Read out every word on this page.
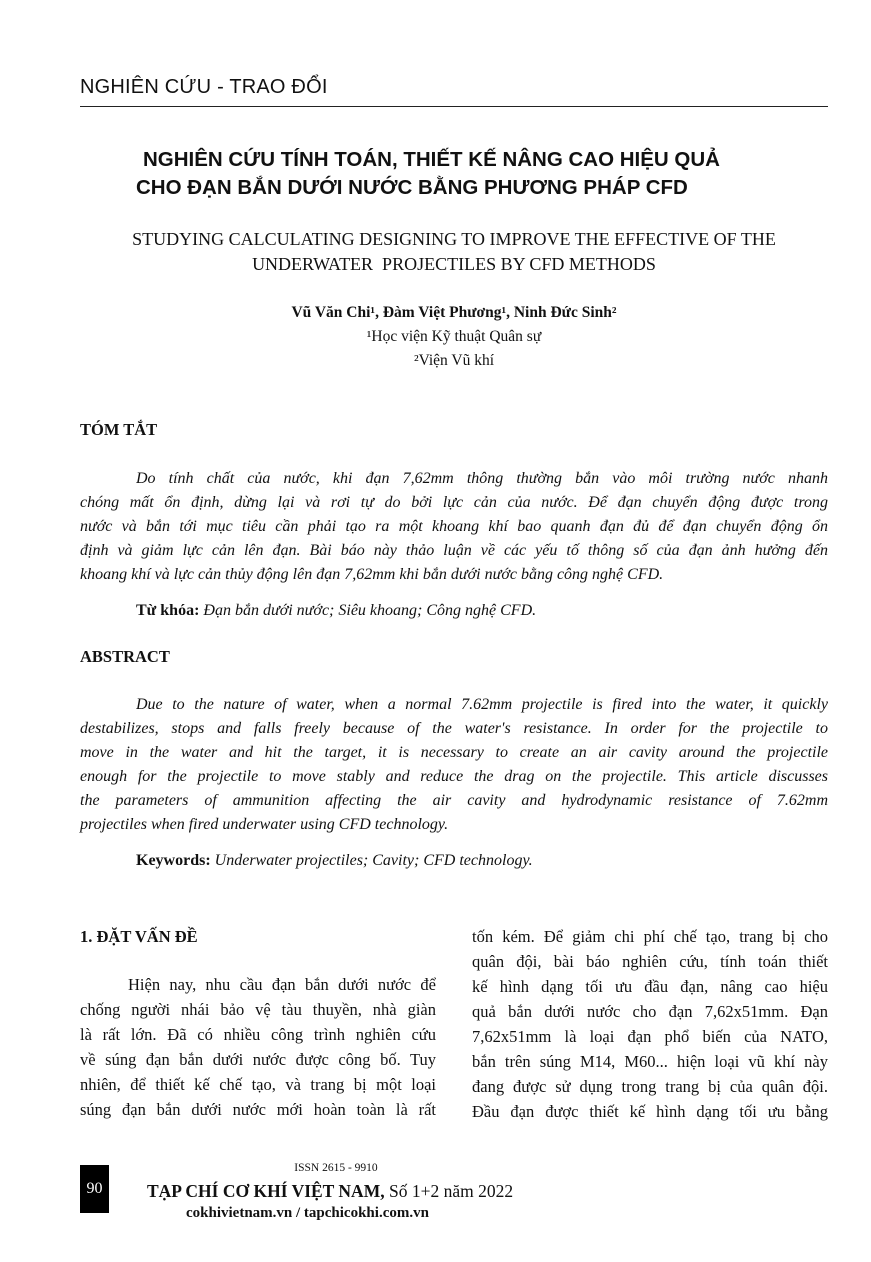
NGHIÊN CỨU - TRAO ĐỔI
NGHIÊN CỨU TÍNH TOÁN, THIẾT KẾ NÂNG CAO HIỆU QUẢ
CHO ĐẠN BẮN DƯỚI NƯỚC BẰNG PHƯƠNG PHÁP CFD
STUDYING CALCULATING DESIGNING TO IMPROVE THE EFFECTIVE OF THE
UNDERWATER  PROJECTILES BY CFD METHODS
Vũ Văn Chi¹, Đàm Việt Phương¹, Ninh Đức Sinh²
¹Học viện Kỹ thuật Quân sự
²Viện Vũ khí
TÓM TẮT
Do tính chất của nước, khi đạn 7,62mm thông thường bắn vào môi trường nước nhanh
chóng mất ổn định, dừng lại và rơi tự do bởi lực cản của nước. Để đạn chuyển động được trong
nước và bắn tới mục tiêu cần phải tạo ra một khoang khí bao quanh đạn đủ để đạn chuyển động ổn
định và giảm lực cản lên đạn. Bài báo này thảo luận về các yếu tố thông số của đạn ảnh hưởng đến
khoang khí và lực cản thủy động lên đạn 7,62mm khi bắn dưới nước bằng công nghệ CFD.
Từ khóa: Đạn bắn dưới nước; Siêu khoang; Công nghệ CFD.
ABSTRACT
Due to the nature of water, when a normal 7.62mm projectile is fired into the water, it quickly
destabilizes, stops and falls freely because of the water's resistance. In order for the projectile to
move in the water and hit the target, it is necessary to create an air cavity around the projectile
enough for the projectile to move stably and reduce the drag on the projectile. This article discusses
the parameters of ammunition affecting the air cavity and hydrodynamic resistance of 7.62mm
projectiles when fired underwater using CFD technology.
Keywords: Underwater projectiles; Cavity; CFD technology.
1. ĐẶT VẤN ĐỀ
Hiện nay, nhu cầu đạn bắn dưới nước để
chống người nhái bảo vệ tàu thuyền, nhà giàn
là rất lớn. Đã có nhiều công trình nghiên cứu
về súng đạn bắn dưới nước được công bố. Tuy
nhiên, để thiết kế chế tạo, và trang bị một loại
súng đạn bắn dưới nước mới hoàn toàn là rất
tốn kém. Để giảm chi phí chế tạo, trang bị cho
quân đội, bài báo nghiên cứu, tính toán thiết
kế hình dạng tối ưu đầu đạn, nâng cao hiệu
quả bắn dưới nước cho đạn 7,62x51mm. Đạn
7,62x51mm là loại đạn phổ biến của NATO,
bắn trên súng M14, M60... hiện loại vũ khí này
đang được sử dụng trong trang bị của quân đội.
Đầu đạn được thiết kế hình dạng tối ưu bằng
90
ISSN 2615 - 9910
TẠP CHÍ CƠ KHÍ VIỆT NAM, Số 1+2 năm 2022
cokhivietnam.vn / tapchicokhi.com.vn
